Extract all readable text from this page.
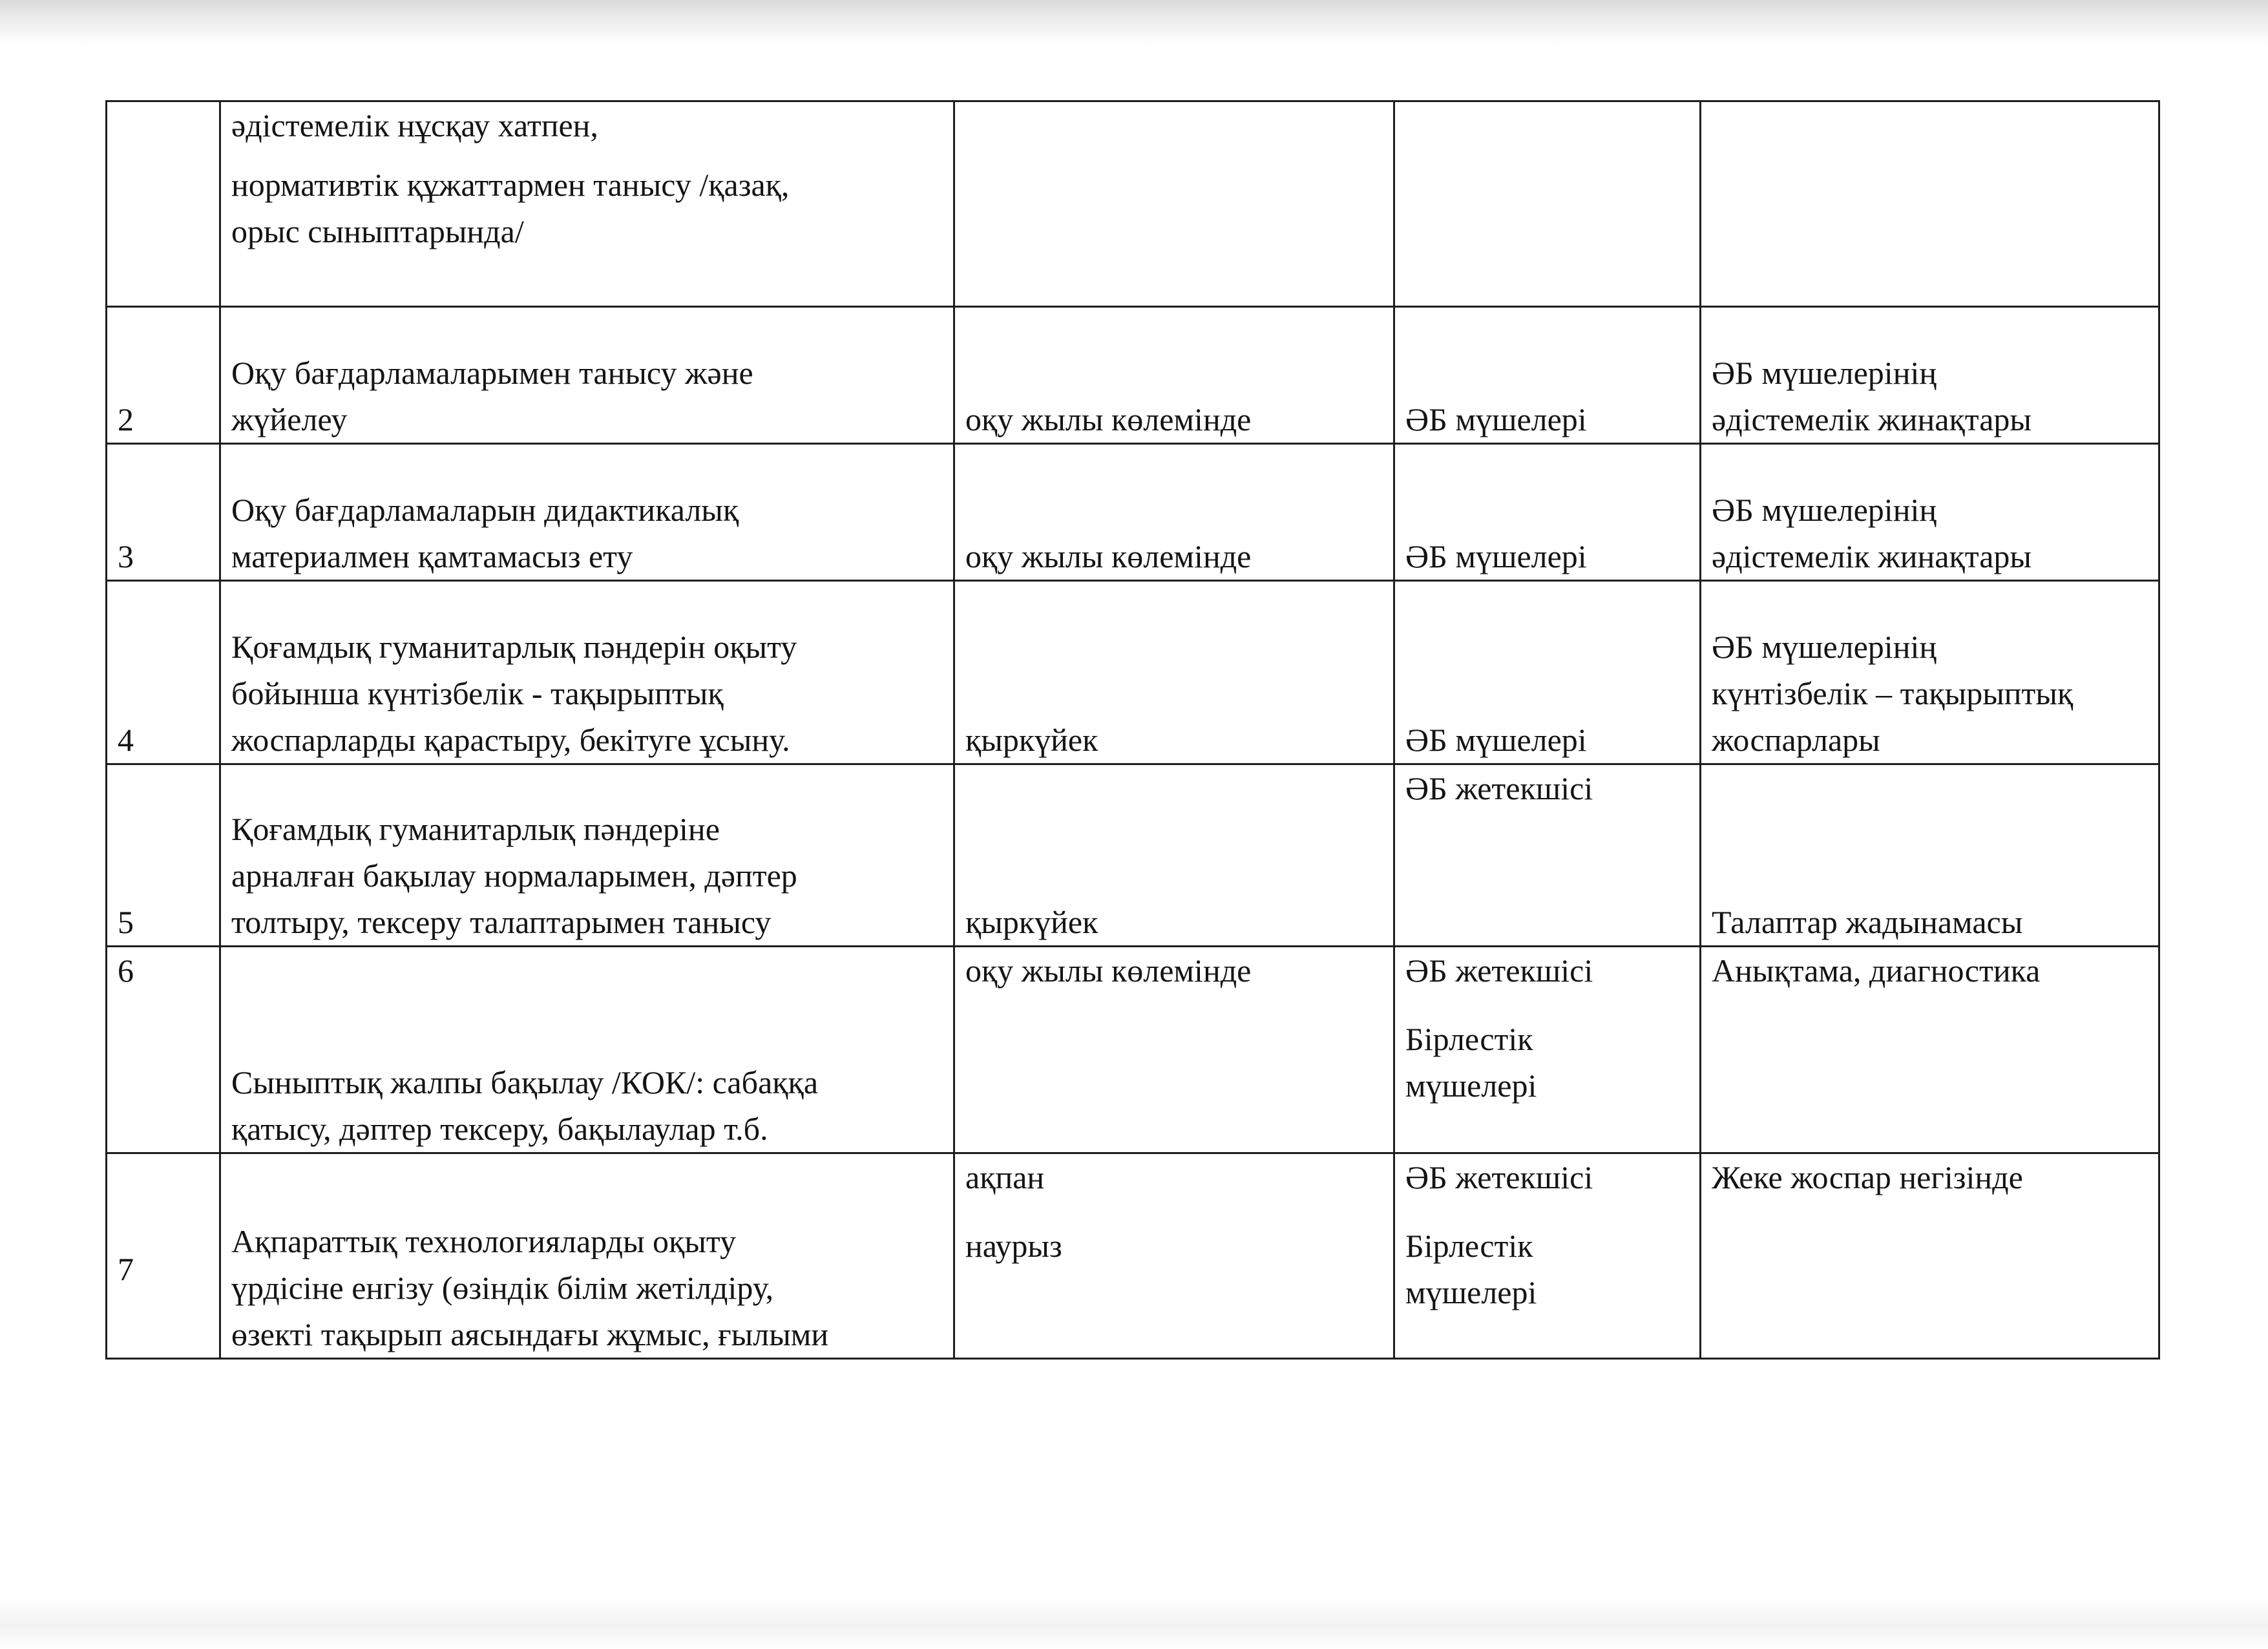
	әдістемелік нұсқау хатпен,
нормативтік құжаттармен танысу /қазақ,
орыс сыныптарында/			

2	Оқу бағдарламаларымен танысу және
жүйелеу	оқу жылы көлемінде	ӘБ мүшелері	ӘБ мүшелерінің
әдістемелік жинақтары

3	Оқу бағдарламаларын дидактикалық
материалмен қамтамасыз ету	оқу жылы көлемінде	ӘБ мүшелері	ӘБ мүшелерінің
әдістемелік жинақтары

4	Қоғамдық гуманитарлық пәндерін оқыту
бойынша күнтізбелік - тақырыптық
жоспарларды қарастыру, бекітуге ұсыну.	қыркүйек	ӘБ мүшелері	ӘБ мүшелерінің
күнтізбелік – тақырыптық
жоспарлары

5	Қоғамдық гуманитарлық пәндеріне
арналған бақылау нормаларымен, дәптер
толтыру, тексеру талаптарымен танысу	қыркүйек	ӘБ жетекшісі	Талаптар жадынамасы

6	Сыныптық жалпы бақылау /КОК/: сабаққа
қатысу, дәптер тексеру, бақылаулар т.б.	оқу жылы көлемінде	ӘБ жетекшісі
Бірлестік
мүшелері	Анықтама, диагностика

7	Ақпараттық технологияларды оқыту
үрдісіне енгізу (өзіндік білім жетілдіру,
өзекті тақырып аясындағы жұмыс, ғылыми	ақпан
наурыз	ӘБ жетекшісі
Бірлестік
мүшелері	Жеке жоспар негізінде
